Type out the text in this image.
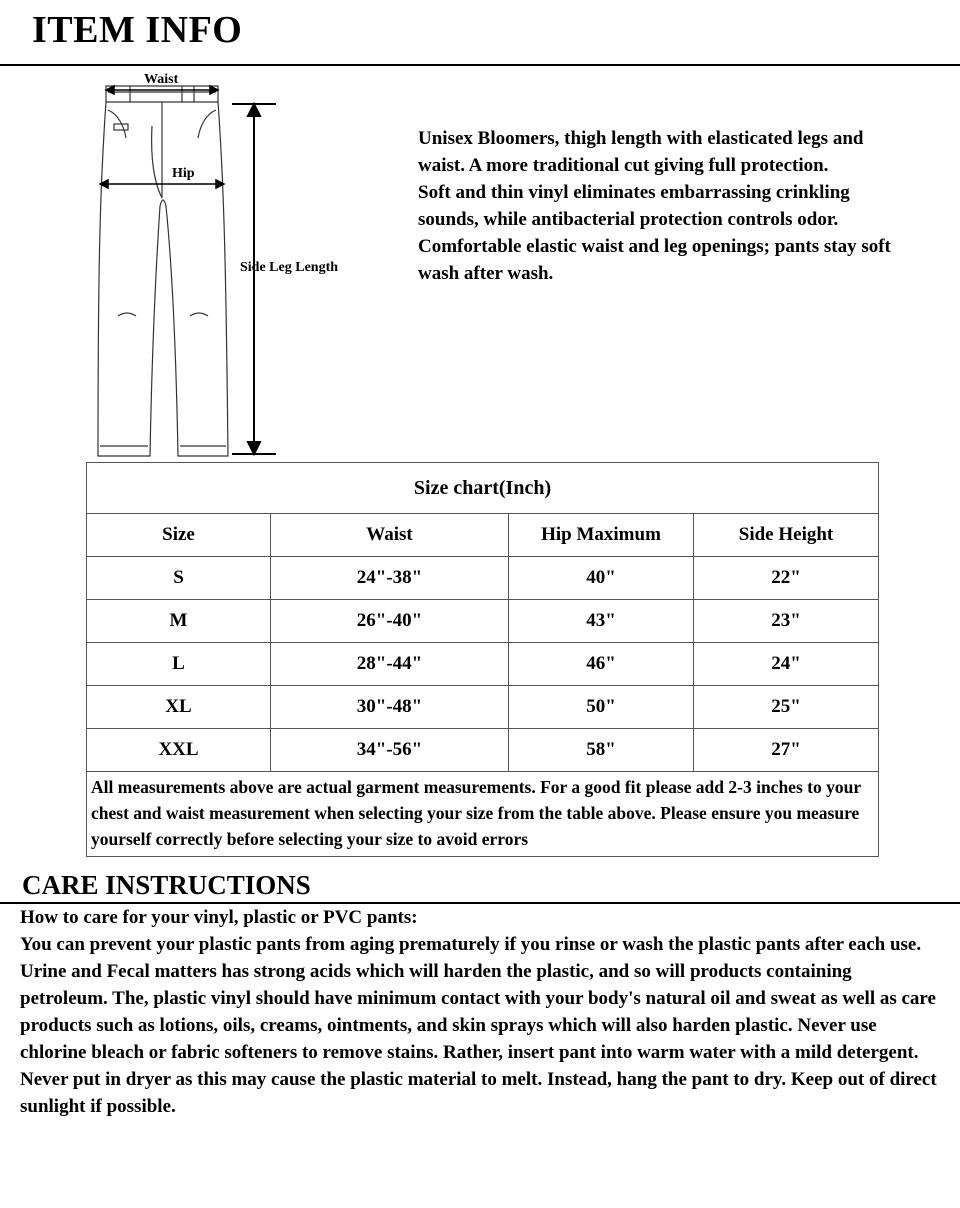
ITEM INFO
Waist
Hip
Side Leg Length

Unisex Bloomers, thigh length with elasticated legs and waist. A more traditional cut giving full protection.

Soft and thin vinyl eliminates embarrassing crinkling sounds, while antibacterial protection controls odor.

Comfortable elastic waist and leg openings; pants stay soft wash after wash.

Size chart(Inch)			
Size	Waist	Hip Maximum	Side Height
S	24"-38"	40"	22"
M	26"-40"	43"	23"
L	28"-44"	46"	24"
XL	30"-48"	50"	25"
XXL	34"-56"	58"	27"
All measurements above are actual garment measurements. For a good fit please add 2-3 inches to your chest and waist measurement when selecting your size from the table above. Please ensure you measure yourself correctly before selecting your size to avoid errors			
CARE INSTRUCTIONS

How to care for your vinyl, plastic or PVC pants:

You can prevent your plastic pants from aging prematurely if you rinse or wash the plastic pants after each use. Urine and Fecal matters has strong acids which will harden the plastic, and so will products containing petroleum. The, plastic vinyl should have minimum contact with your body's natural oil and sweat as well as care products such as lotions, oils, creams, ointments, and skin sprays which will also harden plastic. Never use chlorine bleach or fabric softeners to remove stains. Rather, insert pant into warm water with a mild detergent. Never put in dryer as this may cause the plastic material to melt. Instead, hang the pant to dry. Keep out of direct sunlight if possible.
